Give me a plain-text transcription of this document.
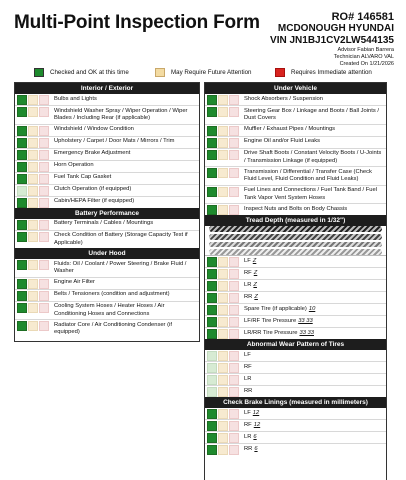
Multi-Point Inspection Form	RO# 146581
MCDONOUGH HYUNDAI
VIN JN1BJ1CV2LW544135
Advisor Fabian Barrera
Technician ALVARO VAL
Created On 1/21/2026
Checked and OK at this time	May Require Future Attention	Requires Immediate attention
Interior / Exterior
Bulbs and Lights
Windshield Washer Spray / Wiper Operation / Wiper Blades / Including Rear (if applicable)
Windshield / Window Condition
Upholstery / Carpet / Door Mats / Mirrors / Trim
Emergency Brake Adjustment
Horn Operation
Fuel Tank Cap Gasket
Clutch Operation (if equipped)
Cabin/HEPA Filter (if equipped)
Battery Performance
Battery Terminals / Cables / Mountings
Check Condition of Battery (Storage Capacity Test if Applicable)
Under Hood
Fluids: Oil / Coolant / Power Steering / Brake Fluid / Washer
Engine Air Filter
Belts / Tensioners (condition and adjustment)
Cooling System Hoses / Heater Hoses / Air Conditioning Hoses and Connections
Radiator Core / Air Conditioning Condenser (if equipped)
Under Vehicle
Shock Absorbers / Suspension
Steering Gear Box / Linkage and Boots / Ball Joints / Dust Covers
Muffler / Exhaust Pipes / Mountings
Engine Oil and/or Fluid Leaks
Drive Shaft Boots / Constant Velocity Boots / U-Joints / Transmission Linkage (if equipped)
Transmission / Differential / Transfer Case (Check Fluid Level, Fluid Condition and Fluid Leaks)
Fuel Lines and Connections / Fuel Tank Band / Fuel Tank Vapor Vent System Hoses
Inspect Nuts and Bolts on Body Chassis
Tread Depth (measured in 1/32")
LF Z
RF Z
LR Z
RR Z
Spare Tire (if applicable) 10
LF/RF Tire Pressure 33 33
LR/RR Tire Pressure 33 33
Abnormal Wear Pattern of Tires
LF
RF
LR
RR
Check Brake Linings (measured in millimeters)
LF 12
RF 12
LR 6
RR 6
